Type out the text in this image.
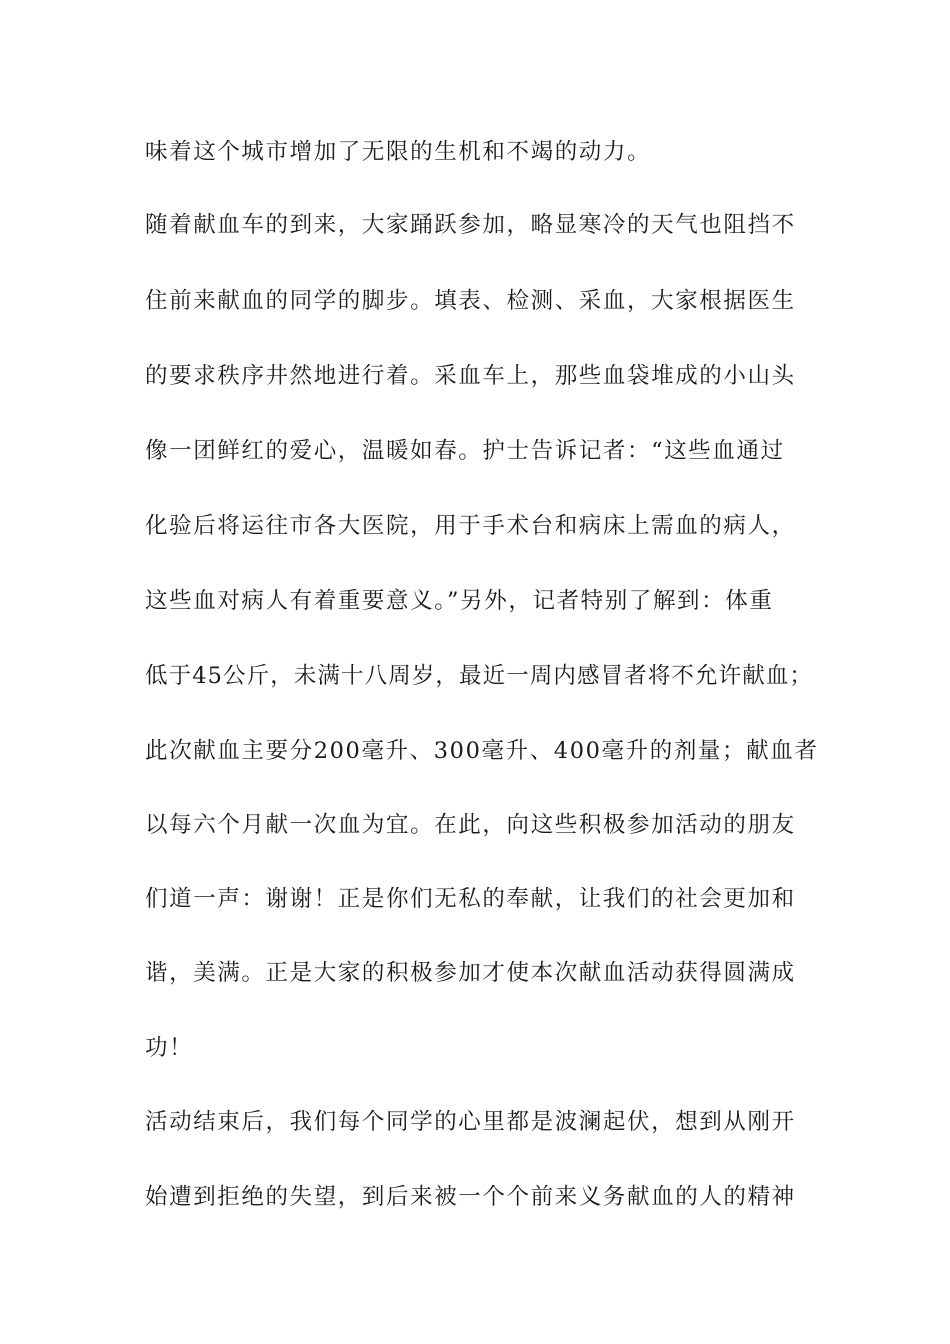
味着这个城市增加了无限的生机和不竭的动力。
随着献血车的到来，大家踊跃参加，略显寒冷的天气也阻挡不
住前来献血的同学的脚步。填表、检测、采血，大家根据医生
的要求秩序井然地进行着。采血车上，那些血袋堆成的小山头
像一团鲜红的爱心，温暖如春。护士告诉记者：“这些血通过
化验后将运往市各大医院，用于手术台和病床上需血的病人，
这些血对病人有着重要意义。”另外，记者特别了解到：体重
低于45公斤，未满十八周岁，最近一周内感冒者将不允许献血；
此次献血主要分200毫升、300毫升、400毫升的剂量；献血者
以每六个月献一次血为宜。在此，向这些积极参加活动的朋友
们道一声：谢谢！正是你们无私的奉献，让我们的社会更加和
谐，美满。正是大家的积极参加才使本次献血活动获得圆满成
功！
活动结束后，我们每个同学的心里都是波澜起伏，想到从刚开
始遭到拒绝的失望，到后来被一个个前来义务献血的人的精神
